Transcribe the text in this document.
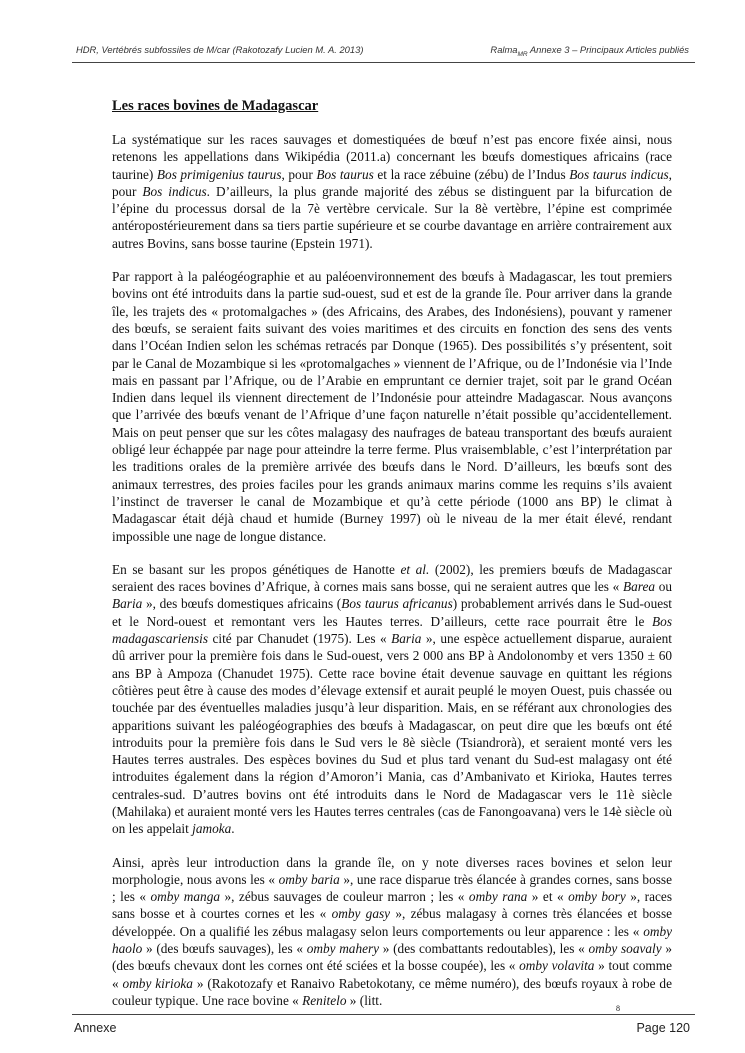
HDR, Vertébrés subfossiles de M/car (Rakotozafy Lucien M. A. 2013)	Ralma$_{MR}$ Annexe 3 – Principaux Articles publiés
Les races bovines de Madagascar

La systématique sur les races sauvages et domestiquées de bœuf n’est pas encore fixée ainsi, nous retenons les appellations dans Wikipédia (2011.a) concernant les bœufs domestiques africains (race taurine) Bos primigenius taurus, pour Bos taurus et la race zébuine (zébu) de l’Indus Bos taurus indicus, pour Bos indicus. D’ailleurs, la plus grande majorité des zébus se distinguent par la bifurcation de l’épine du processus dorsal de la 7è vertèbre cervicale. Sur la 8è vertèbre, l’épine est comprimée antéropostérieurement dans sa tiers partie supérieure et se courbe davantage en arrière contrairement aux autres Bovins, sans bosse taurine (Epstein 1971).

Par rapport à la paléogéographie et au paléoenvironnement des bœufs à Madagascar, les tout premiers bovins ont été introduits dans la partie sud-ouest, sud et est de la grande île. Pour arriver dans la grande île, les trajets des « protomalgaches » (des Africains, des Arabes, des Indonésiens), pouvant y ramener des bœufs, se seraient faits suivant des voies maritimes et des circuits en fonction des sens des vents dans l’Océan Indien selon les schémas retracés par Donque (1965). Des possibilités s’y présentent, soit par le Canal de Mozambique si les «protomalgaches » viennent de l’Afrique, ou de l’Indonésie via l’Inde mais en passant par l’Afrique, ou de l’Arabie en empruntant ce dernier trajet, soit par le grand Océan Indien dans lequel ils viennent directement de l’Indonésie pour atteindre Madagascar. Nous avançons que l’arrivée des bœufs venant de l’Afrique d’une façon naturelle n’était possible qu’accidentellement. Mais on peut penser que sur les côtes malagasy des naufrages de bateau transportant des bœufs auraient obligé leur échappée par nage pour atteindre la terre ferme. Plus vraisemblable, c’est l’interprétation par les traditions orales de la première arrivée des bœufs dans le Nord. D’ailleurs, les bœufs sont des animaux terrestres, des proies faciles pour les grands animaux marins comme les requins s’ils avaient l’instinct de traverser le canal de Mozambique et qu’à cette période (1000 ans BP) le climat à Madagascar était déjà chaud et humide (Burney 1997) où le niveau de la mer était élevé, rendant impossible une nage de longue distance.

En se basant sur les propos génétiques de Hanotte et al. (2002), les premiers bœufs de Madagascar seraient des races bovines d’Afrique, à cornes mais sans bosse, qui ne seraient autres que les « Barea ou Baria », des bœufs domestiques africains (Bos taurus africanus) probablement arrivés dans le Sud-ouest et le Nord-ouest et remontant vers les Hautes terres. D’ailleurs, cette race pourrait être le Bos madagascariensis cité par Chanudet (1975). Les « Baria », une espèce actuellement disparue, auraient dû arriver pour la première fois dans le Sud-ouest, vers 2 000 ans BP à Andolonomby et vers 1350 ± 60 ans BP à Ampoza (Chanudet 1975). Cette race bovine était devenue sauvage en quittant les régions côtières peut être à cause des modes d’élevage extensif et aurait peuplé le moyen Ouest, puis chassée ou touchée par des éventuelles maladies jusqu’à leur disparition. Mais, en se référant aux chronologies des apparitions suivant les paléogéographies des bœufs à Madagascar, on peut dire que les bœufs ont été introduits pour la première fois dans le Sud vers le 8è siècle (Tsiandrorà), et seraient monté vers les Hautes terres australes. Des espèces bovines du Sud et plus tard venant du Sud-est malagasy ont été introduites également dans la région d’Amoron’i Mania, cas d’Ambanivato et Kirioka, Hautes terres centrales-sud. D’autres bovins ont été introduits dans le Nord de Madagascar vers le 11è siècle (Mahilaka) et auraient monté vers les Hautes terres centrales (cas de Fanongoavana) vers le 14è siècle où on les appelait jamoka.

Ainsi, après leur introduction dans la grande île, on y note diverses races bovines et selon leur morphologie, nous avons les « omby baria », une race disparue très élancée à grandes cornes, sans bosse ; les « omby manga », zébus sauvages de couleur marron ; les « omby rana » et « omby bory », races sans bosse et à courtes cornes et les « omby gasy », zébus malagasy à cornes très élancées et bosse développée. On a qualifié les zébus malagasy selon leurs comportements ou leur apparence : les « omby haolo » (des bœufs sauvages), les « omby mahery » (des combattants redoutables), les « omby soavaly » (des bœufs chevaux dont les cornes ont été sciées et la bosse coupée), les « omby volavita » tout comme « omby kirioka » (Rakotozafy et Ranaivo Rabetokotany, ce même numéro), des bœufs royaux à robe de couleur typique. Une race bovine « Renitelo » (litt.

8
Annexe	Page 120
